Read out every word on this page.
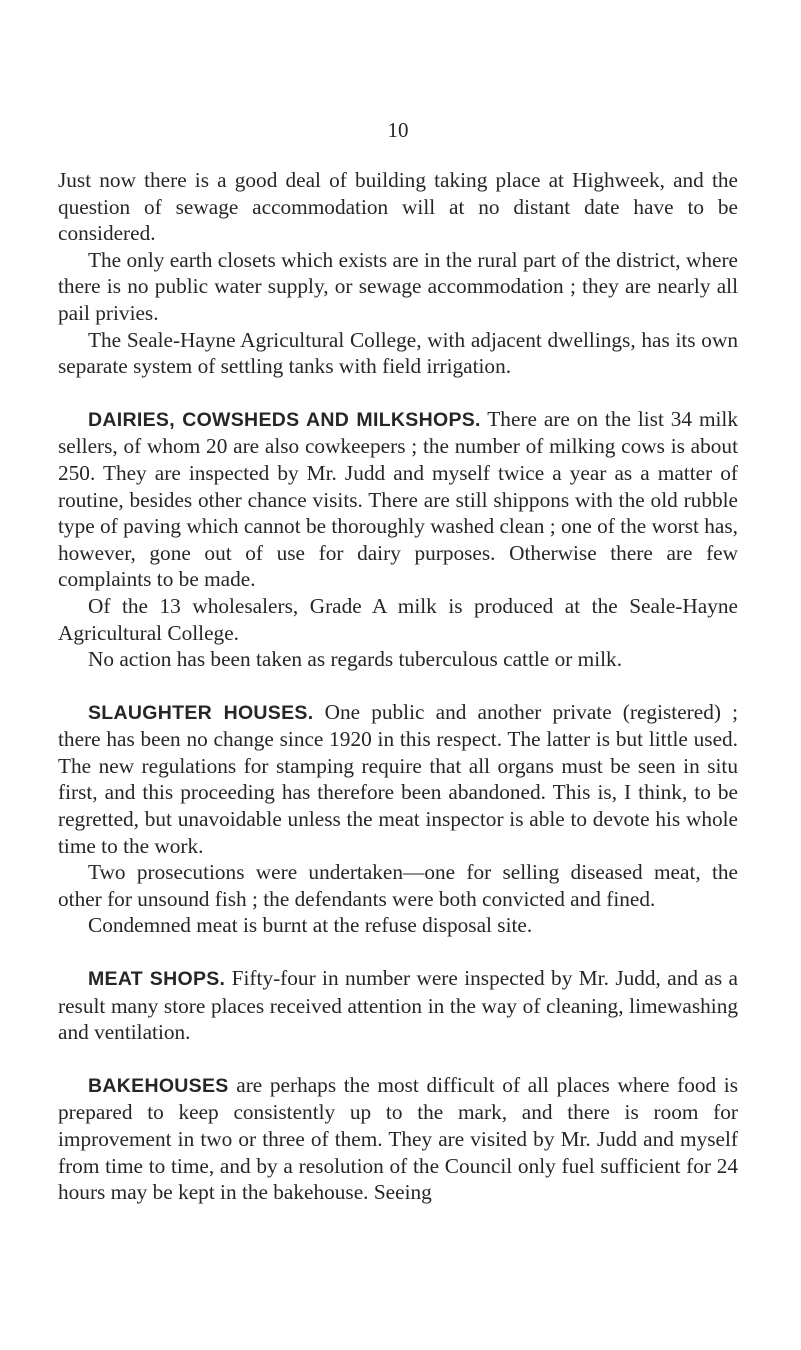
10

Just now there is a good deal of building taking place at Highweek, and the question of sewage accommodation will at no distant date have to be considered.

The only earth closets which exists are in the rural part of the district, where there is no public water supply, or sewage accommodation ; they are nearly all pail privies.

The Seale-Hayne Agricultural College, with adjacent dwellings, has its own separate system of settling tanks with field irrigation.

DAIRIES, COWSHEDS AND MILKSHOPS. There are on the list 34 milk sellers, of whom 20 are also cowkeepers ; the number of milking cows is about 250. They are inspected by Mr. Judd and myself twice a year as a matter of routine, besides other chance visits. There are still shippons with the old rubble type of paving which cannot be thoroughly washed clean ; one of the worst has, however, gone out of use for dairy purposes. Otherwise there are few complaints to be made.

Of the 13 wholesalers, Grade A milk is produced at the Seale-Hayne Agricultural College.

No action has been taken as regards tuberculous cattle or milk.

SLAUGHTER HOUSES. One public and another private (registered) ; there has been no change since 1920 in this respect. The latter is but little used. The new regulations for stamping require that all organs must be seen in situ first, and this proceeding has therefore been abandoned. This is, I think, to be regretted, but unavoidable unless the meat inspector is able to devote his whole time to the work.

Two prosecutions were undertaken—one for selling diseased meat, the other for unsound fish ; the defendants were both convicted and fined.

Condemned meat is burnt at the refuse disposal site.

MEAT SHOPS. Fifty-four in number were inspected by Mr. Judd, and as a result many store places received attention in the way of cleaning, limewashing and ventilation.

BAKEHOUSES are perhaps the most difficult of all places where food is prepared to keep consistently up to the mark, and there is room for improvement in two or three of them. They are visited by Mr. Judd and myself from time to time, and by a resolution of the Council only fuel sufficient for 24 hours may be kept in the bakehouse. Seeing
